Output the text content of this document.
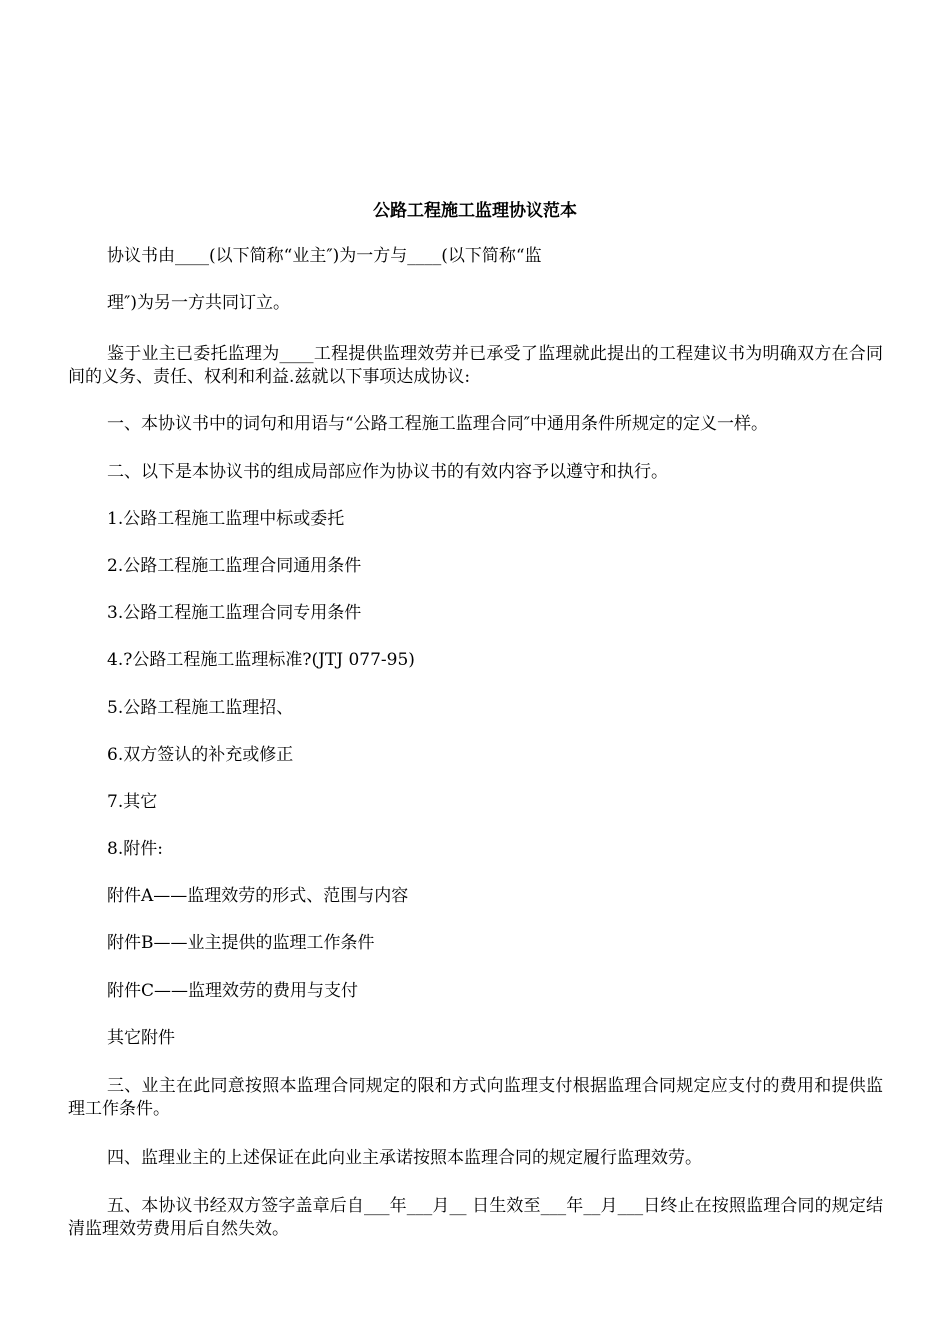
公路工程施工监理协议范本
协议书由____(以下简称“业主″)为一方与____(以下简称“监
理″)为另一方共同订立。
鉴于业主已委托监理为____工程提供监理效劳并已承受了监理就此提出的工程建议书为明确双方在合同间的义务、责任、权利和利益.兹就以下事项达成协议:
一、本协议书中的词句和用语与“公路工程施工监理合同″中通用条件所规定的定义一样。
二、以下是本协议书的组成局部应作为协议书的有效内容予以遵守和执行。
1.公路工程施工监理中标或委托
2.公路工程施工监理合同通用条件
3.公路工程施工监理合同专用条件
4.?公路工程施工监理标准?(JTJ 077-95)
5.公路工程施工监理招、
6.双方签认的补充或修正
7.其它
8.附件:
附件A——监理效劳的形式、范围与内容
附件B——业主提供的监理工作条件
附件C——监理效劳的费用与支付
其它附件
三、业主在此同意按照本监理合同规定的限和方式向监理支付根据监理合同规定应支付的费用和提供监理工作条件。
四、监理业主的上述保证在此向业主承诺按照本监理合同的规定履行监理效劳。
五、本协议书经双方签字盖章后自___年___月__ 日生效至___年__月___日终止在按照监理合同的规定结清监理效劳费用后自然失效。
